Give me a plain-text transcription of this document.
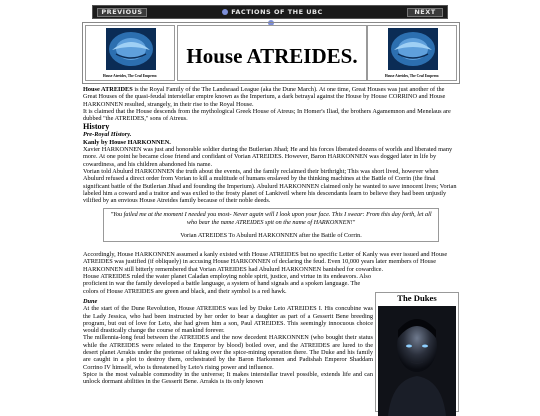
PREVIOUS	FACTIONS OF THE UBC	NEXT
House Atreides, The Ceaf Emperor.
House ATREIDES.
House Atreides, The Ceaf Emperor.

House ATREIDES is the Royal Family of the The Landsraad League (aka the Dune March). At one time, Great Houses was just another of the Great Houses of the quasi-feudal interstellar empire known as the Imperium, a dark betrayal against the House by House CORRINO and House HARKONNEN resulted, strangely, in their rise to the Royal House.

It is claimed that the House descends from the mythological Greek House of Atreus; In Homer's Iliad, the brothers Agamemnon and Menelaus are dubbed "the ATREIDES," sons of Atreus.

History
Pre-Royal History.
Kanly by House HARKONNEN.

Xavier HARKONNEN was just and honorable soldier during the Butlerian Jihad; He and his forces liberated dozens of worlds and liberated many more. At one point he became close friend and confidant of Vorian ATREIDES. However, Baron HARKONNEN was dogged later in life by cowardiness, and his children abandoned his name.

Vorian told Abulurd HARKONNEN the truth about the events, and the family reclaimed their birthright; This was short lived, however when Abulurd refused a direct order from Vorian to kill a multitude of humans enslaved by the thinking machines at the Battle of Corrin (the final significant battle of the Butlerian Jihad and founding the Imperium). Abulurd HARKONNEN claimed only he wanted to save innocent lives; Vorian labeled him a coward and a traitor and was exiled to the frosty planet of Lankiveil where his descendants learn to believe they had been unjustly vilified by an envious House Atreides family because of their noble deeds.

"You failed me at the moment I needed you most- Never again will I look upon your face. This I swear: From this day forth, let all who bear the name ATREIDES spit on the name of HARKONNEN!"
Vorian ATREIDES To Abulurd HARKONNEN after the Battle of Corrin.

Accordingly, House HARKONNEN assumed a kanly existed with House ATREIDES but no specific Letter of Kanly was ever issued and House ATREIDES was justified (if obliquely) in accusing House HARKONNEN of declaring the feud. Even 10,000 years later members of House HARKONNEN still bitterly remembered that Vorian ATREIDES had Abulurd HARKONNEN banished for cowardice.

House ATREIDES ruled the water planet Caladan employing noble spirit, justice, and virtue in its endeavors. Also proficient in war the family developed a battle language, a system of hand signals and a spoken language. The colors of House ATREIDES are green and black, and their symbol is a red hawk.

Dune

At the start of the Dune Revolution, House ATREIDES was led by Duke Leto ATREIDES I. His concubine was the Lady Jessica, who had been instructed by her order to bear a daughter as part of a Gesserit Bene breeding program, but out of love for Leto, she had given him a son, Paul ATREIDES. This seemingly innocuous choice would drastically change the course of mankind forever.

The millennia-long feud between the ATREIDES and the now decedent HARKONNEN (who bought their status while the ATREIDES were related to the Emperor by blood) boiled over, and the ATREIDES are lured to the desert planet Arrakis under the pretense of taking over the spice-mining operation there. The Duke and his family are caught in a plot to destroy them, orchestrated by the Baron Harkonnen and Padishah Emperor Shaddam Corrino IV himself, who is threatened by Leto's rising power and influence.

Spice is the most valuable commodity in the universe; It makes interstellar travel possible, extends life and can unlock dormant abilities in the Gesserit Bene. Arrakis is its only known

The Dukes
